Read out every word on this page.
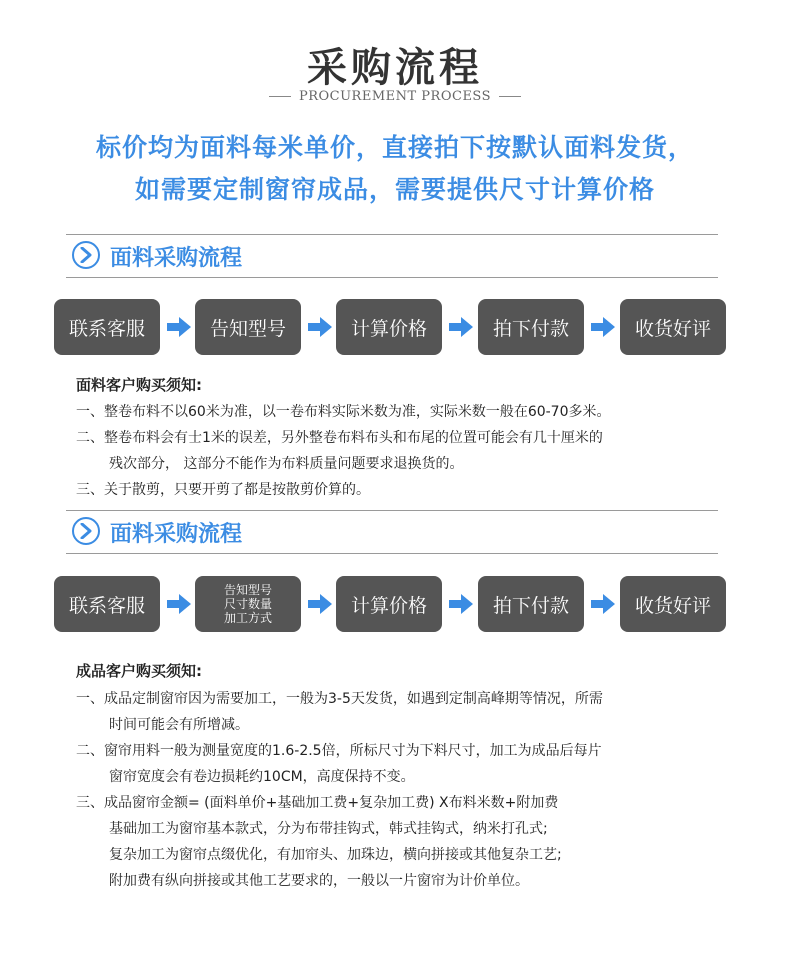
采购流程
PROCUREMENT PROCESS
标价均为面料每米单价，直接拍下按默认面料发货，
如需要定制窗帘成品，需要提供尺寸计算价格
面料采购流程
联系客服	告知型号	计算价格	拍下付款	收货好评
面料客户购买须知:
一、整卷布料不以60米为准，以一卷布料实际米数为准，实际米数一般在60-70多米。
二、整卷布料会有士1米的误差，另外整卷布料布头和布尾的位置可能会有几十厘米的
残次部分， 这部分不能作为布料质量问题要求退换货的。
三、关于散剪，只要开剪了都是按散剪价算的。
面料采购流程
联系客服
告知型号
尺寸数量
加工方式
计算价格	拍下付款	收货好评
成品客户购买须知:
一、成品定制窗帘因为需要加工，一般为3-5天发货，如遇到定制高峰期等情况，所需
时间可能会有所增减。
二、窗帘用料一般为测量宽度的1.6-2.5倍，所标尺寸为下料尺寸，加工为成品后每片
窗帘宽度会有卷边损耗约10CM，高度保持不变。
三、成品窗帘金额= (面料单价+基础加工费+复杂加工费) X布料米数+附加费
基础加工为窗帘基本款式，分为布带挂钩式，韩式挂钩式，纳米打孔式;
复杂加工为窗帘点缀优化，有加帘头、加珠边，横向拼接或其他复杂工艺;
附加费有纵向拼接或其他工艺要求的，一般以一片窗帘为计价单位。
